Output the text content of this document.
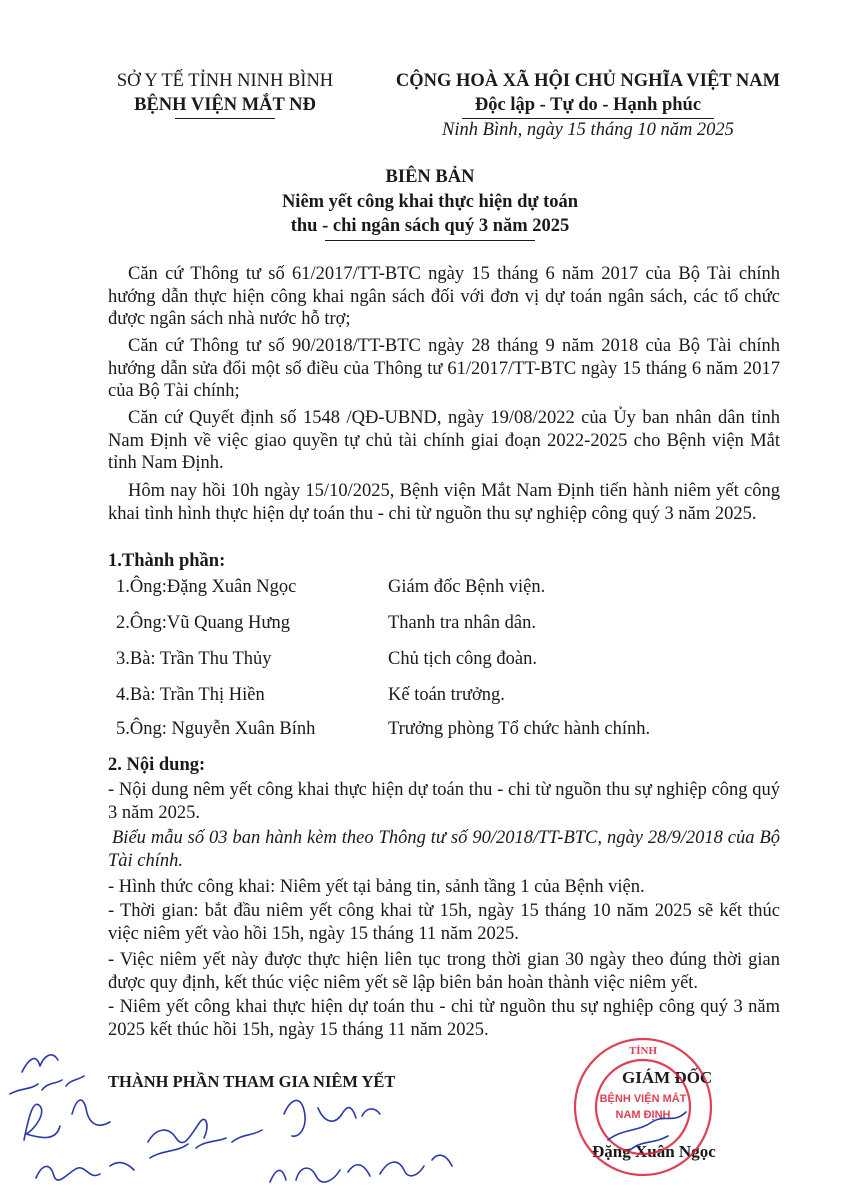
SỞ Y TẾ TỈNH NINH BÌNH
BỆNH VIỆN MẮT NĐ
CỘNG HOÀ XÃ HỘI CHỦ NGHĨA VIỆT NAM
Độc lập - Tự do - Hạnh phúc
Ninh Bình, ngày 15 tháng 10 năm 2025
BIÊN BẢN
Niêm yết công khai thực hiện dự toán
thu - chi ngân sách quý 3 năm 2025
Căn cứ Thông tư số 61/2017/TT-BTC ngày 15 tháng 6 năm 2017 của Bộ Tài chính hướng dẫn thực hiện công khai ngân sách đối với đơn vị dự toán ngân sách, các tổ chức được ngân sách nhà nước hỗ trợ;
Căn cứ Thông tư số 90/2018/TT-BTC ngày 28 tháng 9 năm 2018 của Bộ Tài chính hướng dẫn sửa đổi một số điều của Thông tư 61/2017/TT-BTC ngày 15 tháng 6 năm 2017 của Bộ Tài chính;
Căn cứ Quyết định số 1548 /QĐ-UBND, ngày 19/08/2022 của Ủy ban nhân dân tỉnh Nam Định về việc giao quyền tự chủ tài chính giai đoạn 2022-2025 cho Bệnh viện Mắt tỉnh Nam Định.
Hôm nay hồi 10h ngày 15/10/2025, Bệnh viện Mắt Nam Định tiến hành niêm yết công khai tình hình thực hiện dự toán thu - chi từ nguồn thu sự nghiệp công quý 3 năm 2025.
1.Thành phần:
1.Ông:Đặng Xuân Ngọc	Giám đốc Bệnh viện.
2.Ông:Vũ Quang Hưng	Thanh tra nhân dân.
3.Bà: Trần Thu Thủy	Chủ tịch công đoàn.
4.Bà: Trần Thị Hiền	Kế toán trưởng.
5.Ông: Nguyễn Xuân Bính	Trưởng phòng Tổ chức hành chính.
2. Nội dung:
- Nội dung nêm yết công khai thực hiện dự toán thu - chi từ nguồn thu sự nghiệp công quý 3 năm 2025.
Biểu mẫu số 03 ban hành kèm theo Thông tư số 90/2018/TT-BTC, ngày 28/9/2018 của Bộ Tài chính.
- Hình thức công khai: Niêm yết tại bảng tin, sảnh tầng 1 của Bệnh viện.
- Thời gian: bắt đầu niêm yết công khai từ 15h, ngày 15 tháng 10 năm 2025 sẽ kết thúc việc niêm yết vào hồi 15h, ngày 15 tháng 11 năm 2025.
- Việc niêm yết này được thực hiện liên tục trong thời gian 30 ngày theo đúng thời gian được quy định, kết thúc việc niêm yết sẽ lập biên bản hoàn thành việc niêm yết.
- Niêm yết công khai thực hiện dự toán thu - chi từ nguồn thu sự nghiệp công quý 3 năm 2025 kết thúc hồi 15h, ngày 15 tháng 11 năm 2025.
THÀNH PHẦN THAM GIA NIÊM YẾT	GIÁM ĐỐC
Đặng Xuân Ngọc
TỈNH
BỆNH VIỆN MẮT
NAM ĐỊNH
